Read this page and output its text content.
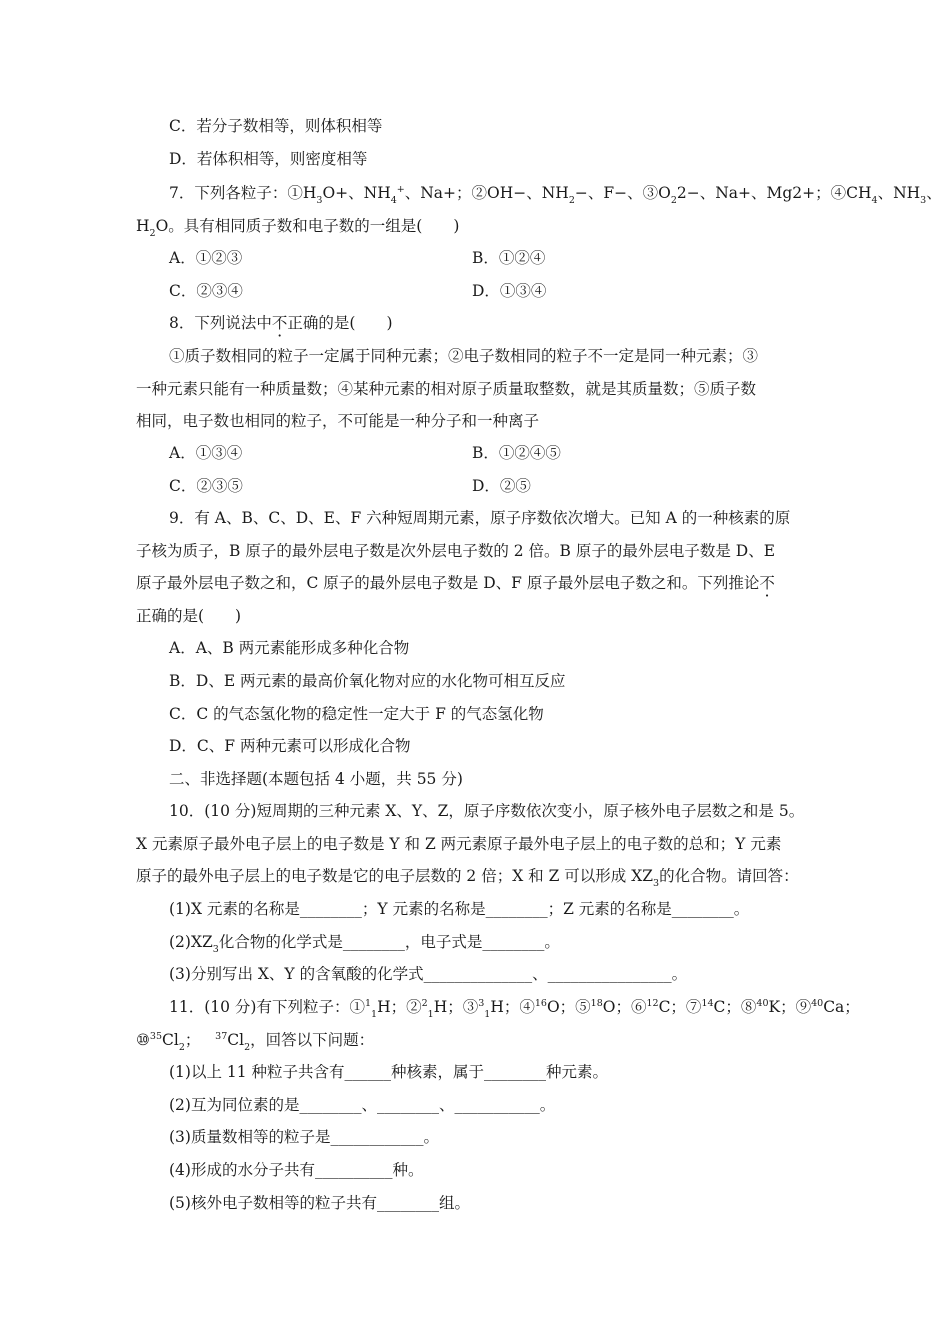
C．若分子数相等，则体积相等
D．若体积相等，则密度相等
7．下列各粒子：$①H_3O+$、$NH_4^+$、Na+；②OH−、$NH_2-$、F−、$③O_22-$、Na+、Mg2+；$④CH_4$、$NH_3$、
$H_2O$。具有相同质子数和电子数的一组是(　　)
A．①②③	B．①②④
C．②③④	D．①③④
8．下列说法中不正确的是(　　)
①质子数相同的粒子一定属于同种元素；②电子数相同的粒子不一定是同一种元素；③
一种元素只能有一种质量数；④某种元素的相对原子质量取整数，就是其质量数；⑤质子数
相同，电子数也相同的粒子，不可能是一种分子和一种离子
A．①③④	B．①②④⑤
C．②③⑤	D．②⑤
9．有 A、B、C、D、E、F 六种短周期元素，原子序数依次增大。已知 A 的一种核素的原
子核为质子，B 原子的最外层电子数是次外层电子数的 2 倍。B 原子的最外层电子数是 D、E
原子最外层电子数之和，C 原子的最外层电子数是 D、F 原子最外层电子数之和。下列推论不
正确的是(　　)
A．A、B 两元素能形成多种化合物
B．D、E 两元素的最高价氧化物对应的水化物可相互反应
C．C 的气态氢化物的稳定性一定大于 F 的气态氢化物
D．C、F 两种元素可以形成化合物
二、非选择题(本题包括 4 小题，共 55 分)
10．(10 分)短周期的三种元素 X、Y、Z，原子序数依次变小，原子核外电子层数之和是 5。
X 元素原子最外电子层上的电子数是 Y 和 Z 两元素原子最外电子层上的电子数的总和；Y 元素
原子的最外电子层上的电子数是它的电子层数的 2 倍；X 和 Z 可以形成 $XZ_3$的化合物。请回答：
(1)X 元素的名称是________；Y 元素的名称是________；Z 元素的名称是________。
$(2)XZ_3$化合物的化学式是________，电子式是________。
(3)分别写出 X、Y 的含氧酸的化学式______________、________________。
11．(10 分)有下列粒子：①$^1_1$H；②$^2_1$H；③$^3_1$H；④$^{16}$O；⑤$^{18}$O；⑥$^{12}$C；⑦$^{14}$C；⑧$^{40}$K；⑨$^{40}$Ca；
$⑩^{35}Cl_2$； $^{37}Cl_2$，回答以下问题：
(1)以上 11 种粒子共含有______种核素，属于________种元素。
(2)互为同位素的是________、________、___________。
(3)质量数相等的粒子是____________。
(4)形成的水分子共有__________种。
(5)核外电子数相等的粒子共有________组。
